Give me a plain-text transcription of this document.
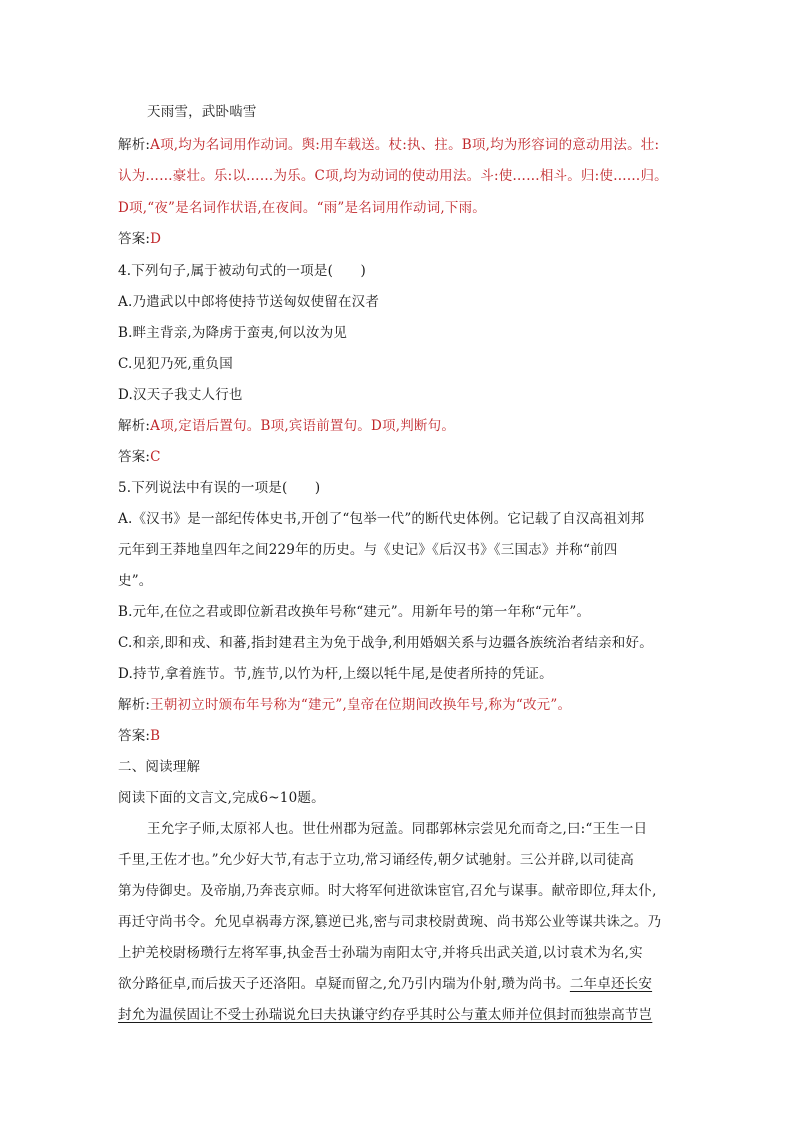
天雨雪，武卧啮雪
解析:A项,均为名词用作动词。舆:用车载送。杖:执、拄。B项,均为形容词的意动用法。壮:
认为……豪壮。乐:以……为乐。C项,均为动词的使动用法。斗:使……相斗。归:使……归。
D项,“夜”是名词作状语,在夜间。“雨”是名词用作动词,下雨。
答案:D
4.下列句子,属于被动句式的一项是(　　)
A.乃遣武以中郎将使持节送匈奴使留在汉者
B.畔主背亲,为降虏于蛮夷,何以汝为见
C.见犯乃死,重负国
D.汉天子我丈人行也
解析:A项,定语后置句。B项,宾语前置句。D项,判断句。
答案:C
5.下列说法中有误的一项是(　　)
A.《汉书》是一部纪传体史书,开创了“包举一代”的断代史体例。它记载了自汉高祖刘邦
元年到王莽地皇四年之间229年的历史。与《史记》《后汉书》《三国志》并称“前四
史”。
B.元年,在位之君或即位新君改换年号称“建元”。用新年号的第一年称“元年”。
C.和亲,即和戎、和蕃,指封建君主为免于战争,利用婚姻关系与边疆各族统治者结亲和好。
D.持节,拿着旌节。节,旌节,以竹为杆,上缀以牦牛尾,是使者所持的凭证。
解析:王朝初立时颁布年号称为“建元”,皇帝在位期间改换年号,称为“改元”。
答案:B
二、阅读理解
阅读下面的文言文,完成6~10题。
王允字子师,太原祁人也。世仕州郡为冠盖。同郡郭林宗尝见允而奇之,曰:“王生一日
千里,王佐才也。”允少好大节,有志于立功,常习诵经传,朝夕试驰射。三公并辟,以司徒高
第为侍御史。及帝崩,乃奔丧京师。时大将军何进欲诛宦官,召允与谋事。献帝即位,拜太仆,
再迁守尚书令。允见卓祸毒方深,篡逆已兆,密与司隶校尉黄琬、尚书郑公业等谋共诛之。乃
上护羌校尉杨瓒行左将军事,执金吾士孙瑞为南阳太守,并将兵出武关道,以讨袁术为名,实
欲分路征卓,而后拔天子还洛阳。卓疑而留之,允乃引内瑞为仆射,瓒为尚书。二年卓还长安
封允为温侯固让不受士孙瑞说允曰夫执谦守约存乎其时公与董太师并位俱封而独崇高节岂
